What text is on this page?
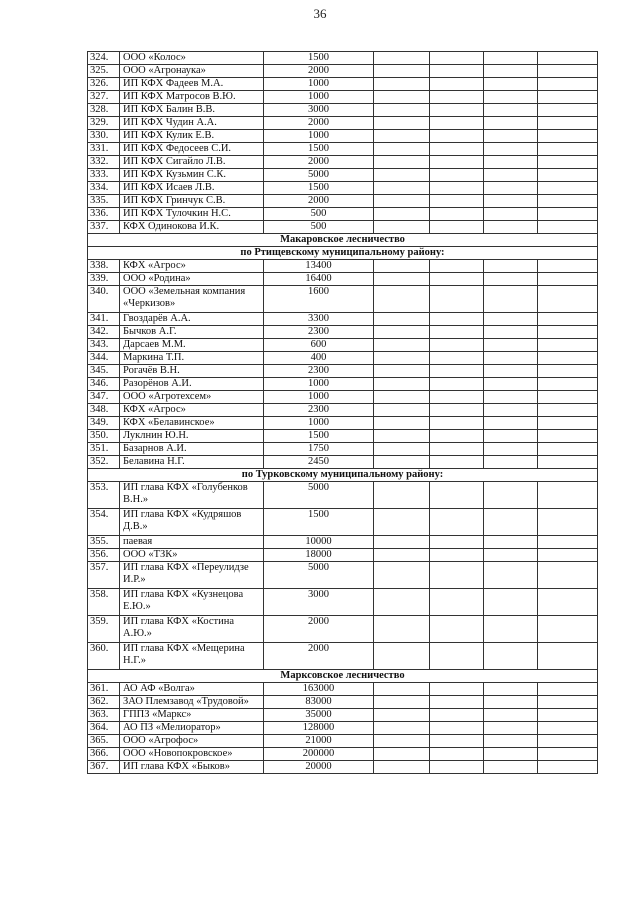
36
324.	ООО «Колос»	1500				
325.	ООО «Агронаука»	2000				
326.	ИП КФХ Фадеев М.А.	1000				
327.	ИП КФХ Матросов В.Ю.	1000				
328.	ИП КФХ Балин В.В.	3000				
329.	ИП КФХ Чудин А.А.	2000				
330.	ИП КФХ Кулик Е.В.	1000				
331.	ИП КФХ Федосеев С.И.	1500				
332.	ИП КФХ Сигайло Л.В.	2000				
333.	ИП КФХ Кузьмин С.К.	5000				
334.	ИП КФХ Исаев Л.В.	1500				
335.	ИП КФХ Гринчук С.В.	2000				
336.	ИП КФХ Тулочкин Н.С.	500				
337.	КФХ Одинокова И.К.	500				
Макаровское лесничество						
по Ртищевскому муниципальному району:						
338.	КФХ «Агрос»	13400				
339.	ООО «Родина»	16400				
340.	ООО «Земельная компания «Черкизов»	1600				
341.	Гвоздарёв А.А.	3300				
342.	Бычков А.Г.	2300				
343.	Дарсаев М.М.	600				
344.	Маркина Т.П.	400				
345.	Рогачёв В.Н.	2300				
346.	Разорёнов А.И.	1000				
347.	ООО «Агротехсем»	1000				
348.	КФХ «Агрос»	2300				
349.	КФХ «Белавинское»	1000				
350.	Луклнин Ю.Н.	1500				
351.	Базарнов А.И.	1750				
352.	Белавина Н.Г.	2450				
по Турковскому муниципальному району:						
353.	ИП глава КФХ «Голубенков В.Н.»	5000				
354.	ИП глава КФХ «Кудряшов Д.В.»	1500				
355.	паевая	10000				
356.	ООО «ТЗК»	18000				
357.	ИП глава КФХ «Переулидзе И.Р.»	5000				
358.	ИП глава КФХ «Кузнецова Е.Ю.»	3000				
359.	ИП глава КФХ «Костина А.Ю.»	2000				
360.	ИП глава КФХ «Мещерина Н.Г.»	2000				
Марксовское лесничество						
361.	АО АФ «Волга»	163000				
362.	ЗАО Племзавод «Трудовой»	83000				
363.	ГППЗ «Маркс»	35000				
364.	АО ПЗ «Мелиоратор»	128000				
365.	ООО «Агрофос»	21000				
366.	ООО «Новопокровское»	200000				
367.	ИП глава КФХ «Быков»	20000				
